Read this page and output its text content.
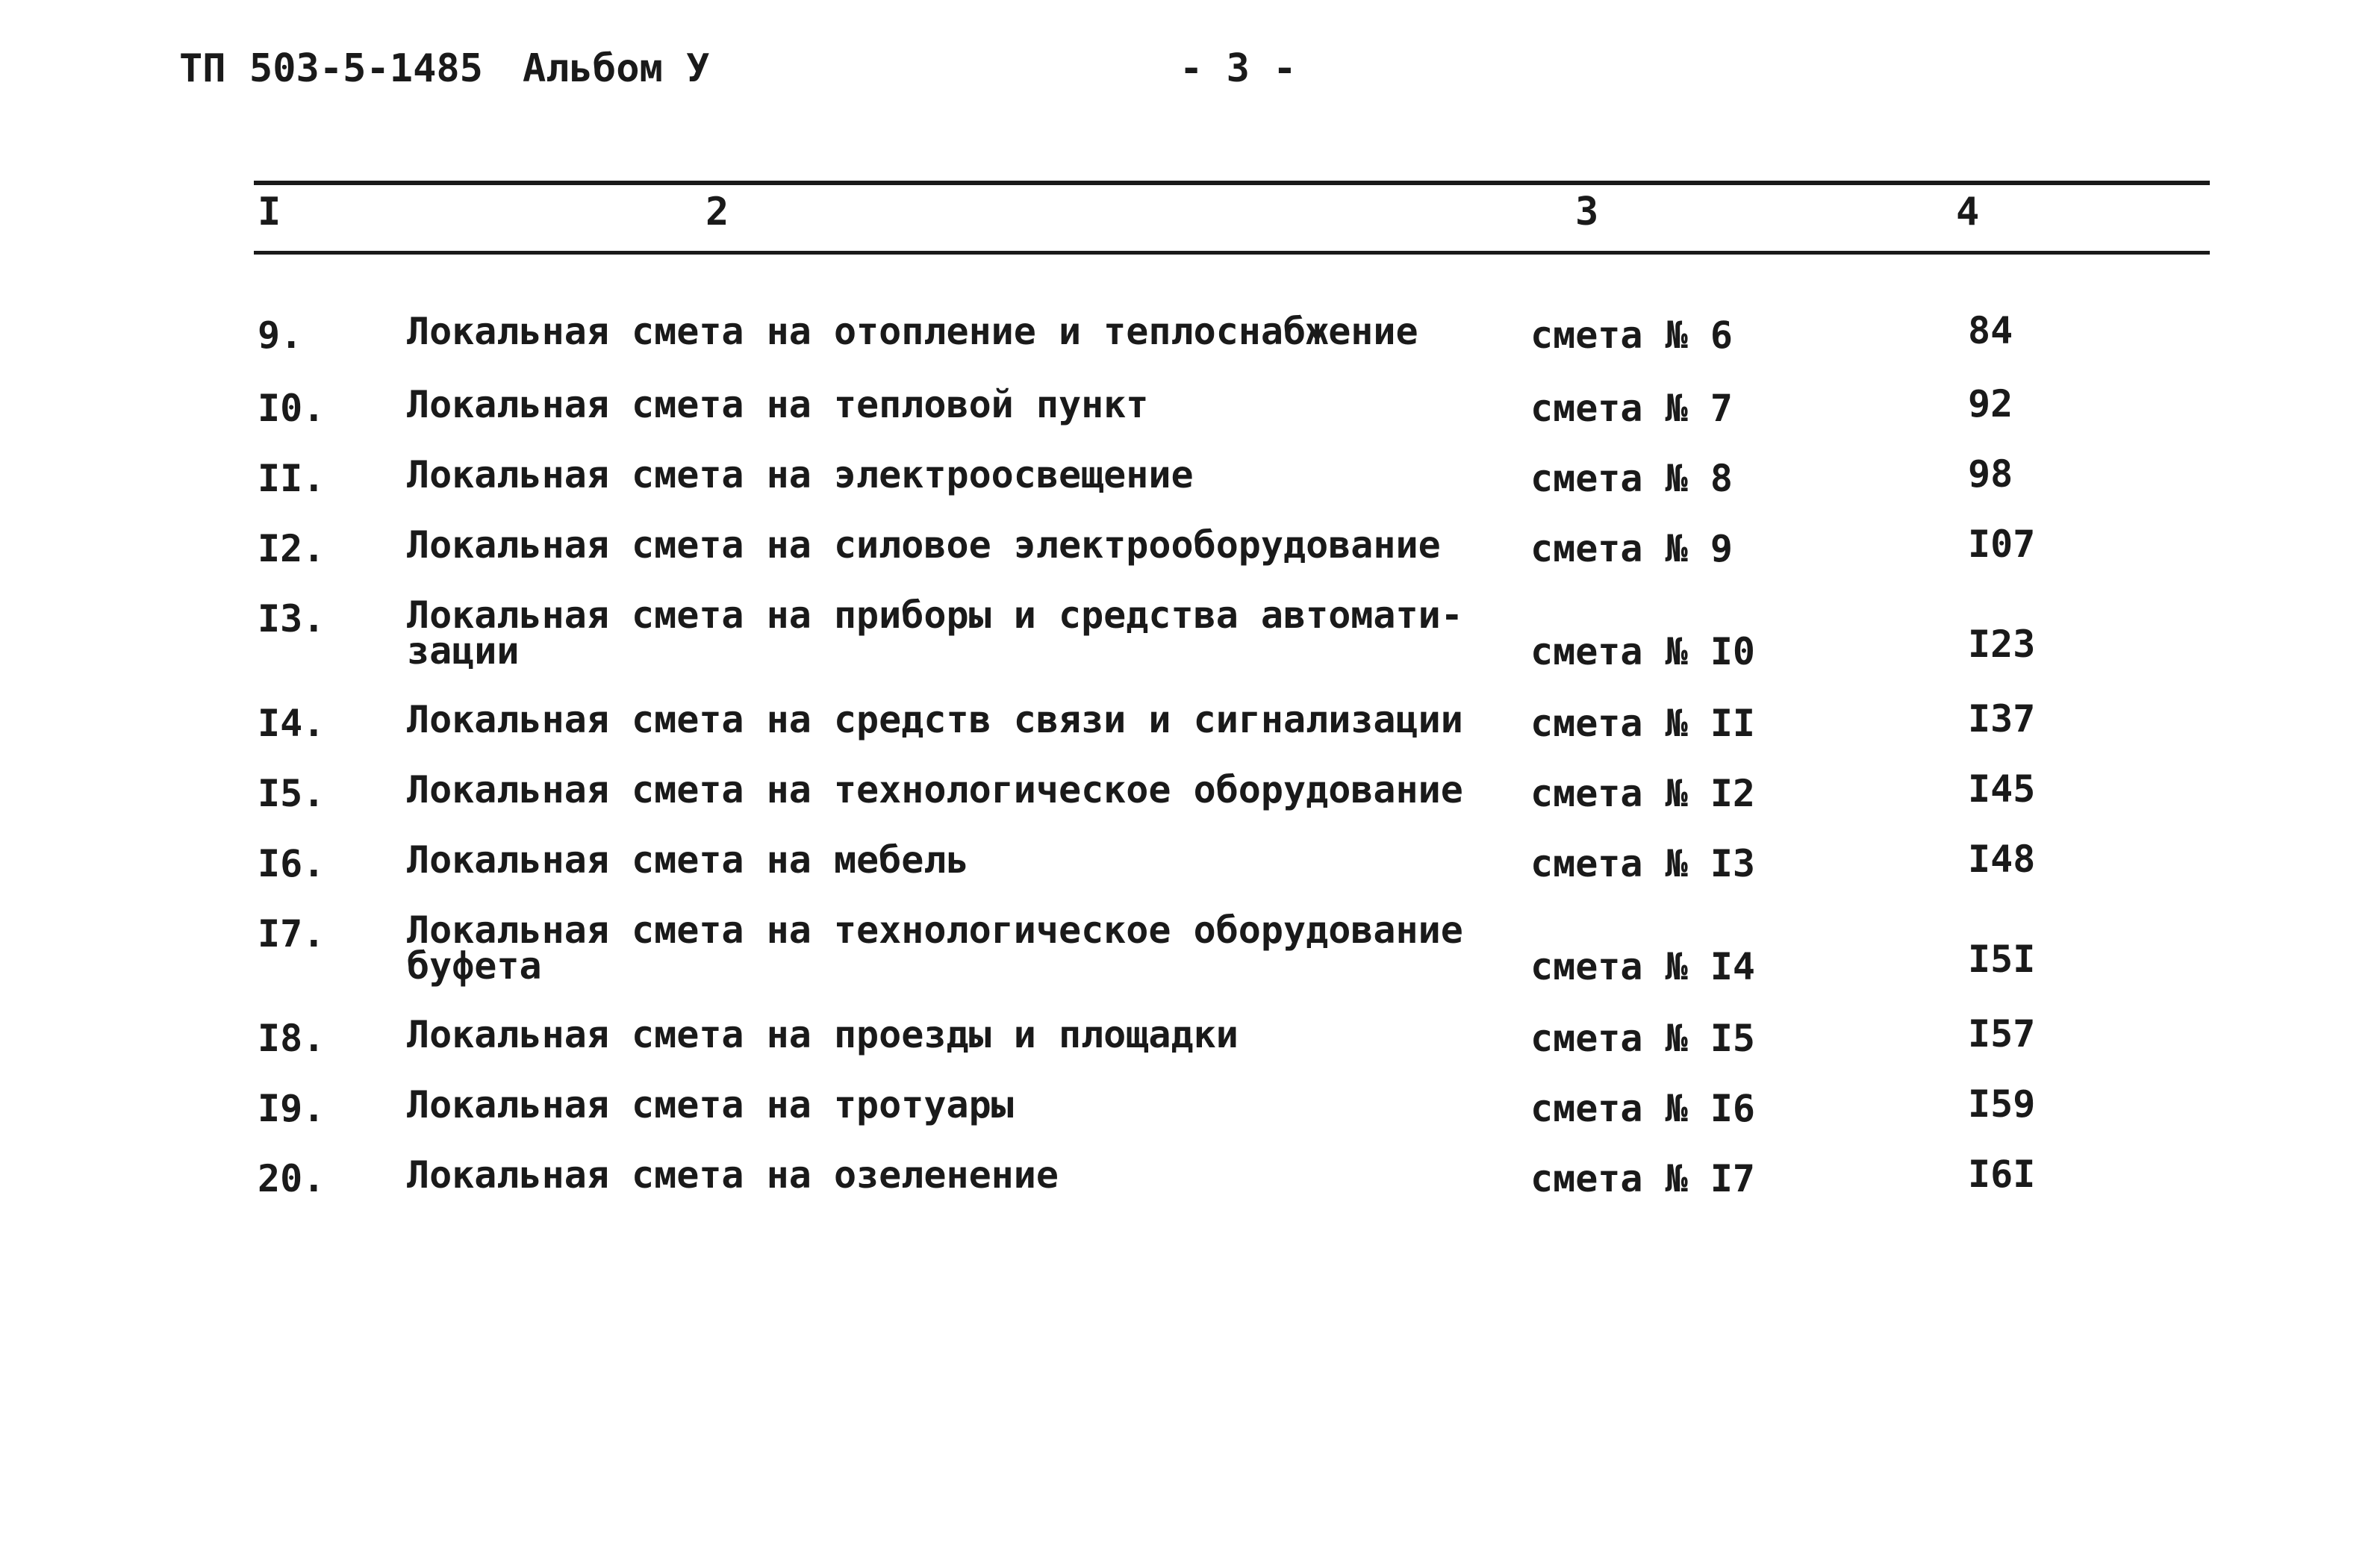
ТП 503-5-1485 Альбом У	- 3 -
I	2	3	4
9.	Локальная смета на отопление и теплоснабжение	смета № 6	84
I0. Локальная смета на тепловой пункт	смета № 7	92
II. Локальная смета на электроосвещение	смета № 8	98
I2. Локальная смета на силовое электрооборудование	смета № 9	I07
I3. Локальная смета на приборы и средства автомати-
зации	смета № I0	I23
I4. Локальная смета на средств связи и сигнализации	смета № II	I37
I5. Локальная смета на технологическое оборудование	смета № I2	I45
I6. Локальная смета на мебель	смета № I3	I48
I7. Локальная смета на технологическое оборудование
буфета	смета № I4	I5I
I8. Локальная смета на проезды и площадки	смета № I5	I57
I9. Локальная смета на тротуары	смета № I6	I59
20. Локальная смета на озеленение	смета № I7	I6I
